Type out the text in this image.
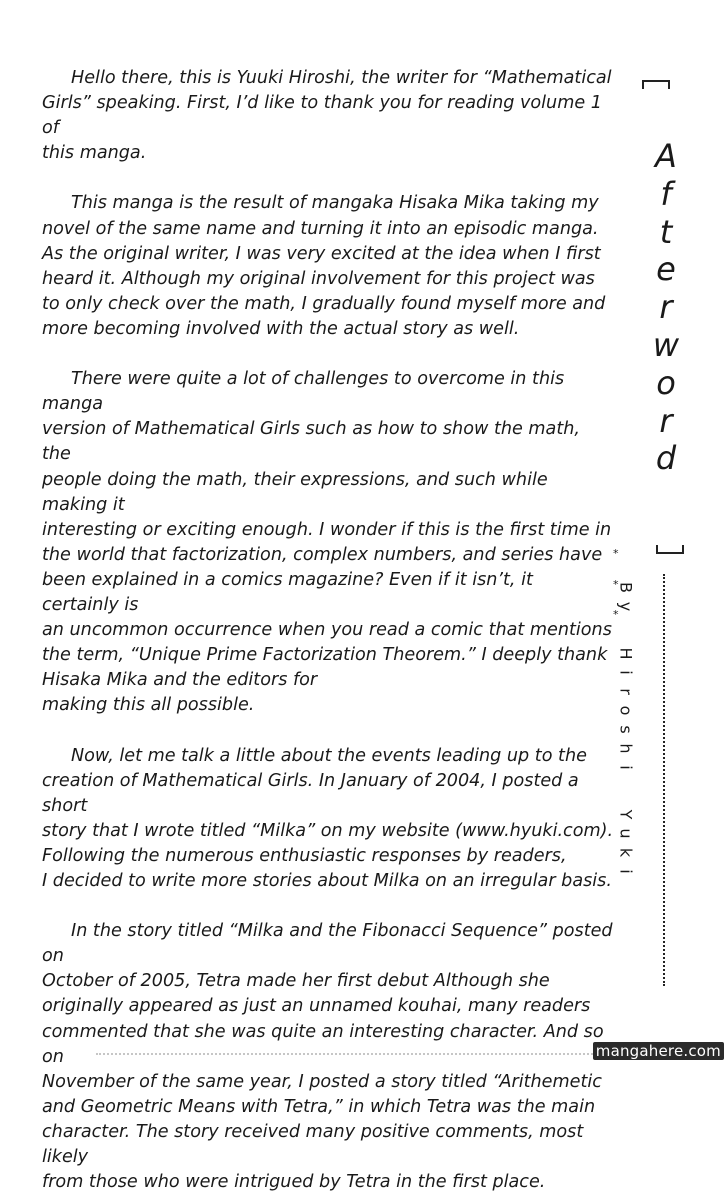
Hello there, this is Yuuki Hiroshi, the writer for “Mathematical
Girls” speaking. First, I’d like to thank you for reading volume 1 of
this manga.
This manga is the result of mangaka Hisaka Mika taking my
novel of the same name and turning it into an episodic manga.
As the original writer, I was very excited at the idea when I first
heard it. Although my original involvement for this project was
to only check over the math, I gradually found myself more and
more becoming involved with the actual story as well.
There were quite a lot of challenges to overcome in this manga
version of Mathematical Girls such as how to show the math, the
people doing the math, their expressions, and such while making it
interesting or exciting enough. I wonder if this is the first time in
the world that factorization, complex numbers, and series have
been explained in a comics magazine? Even if it isn’t, it certainly is
an uncommon occurrence when you read a comic that mentions
the term, “Unique Prime Factorization Theorem.” I deeply thank
Hisaka Mika and the editors for
making this all possible.
Now, let me talk a little about the events leading up to the
creation of Mathematical Girls. In January of 2004, I posted a short
story that I wrote titled “Milka” on my website (www.hyuki.com).
Following the numerous enthusiastic responses by readers,
I decided to write more stories about Milka on an irregular basis.
In the story titled “Milka and the Fibonacci Sequence” posted on
October of 2005, Tetra made her first debut Although she
originally appeared as just an unnamed kouhai, many readers
commented that she was quite an interesting character. And so on
November of the same year, I posted a story titled “Arithemetic
and Geometric Means with Tetra,” in which Tetra was the main
character. The story received many positive comments, most likely
from those who were intrigued by Tetra in the first place.
A
f
t
e
r
w
o
r
d
*
*
*
B
y
H
i
r
o
s
h
i
Y
u
k
i
mangahere.com
